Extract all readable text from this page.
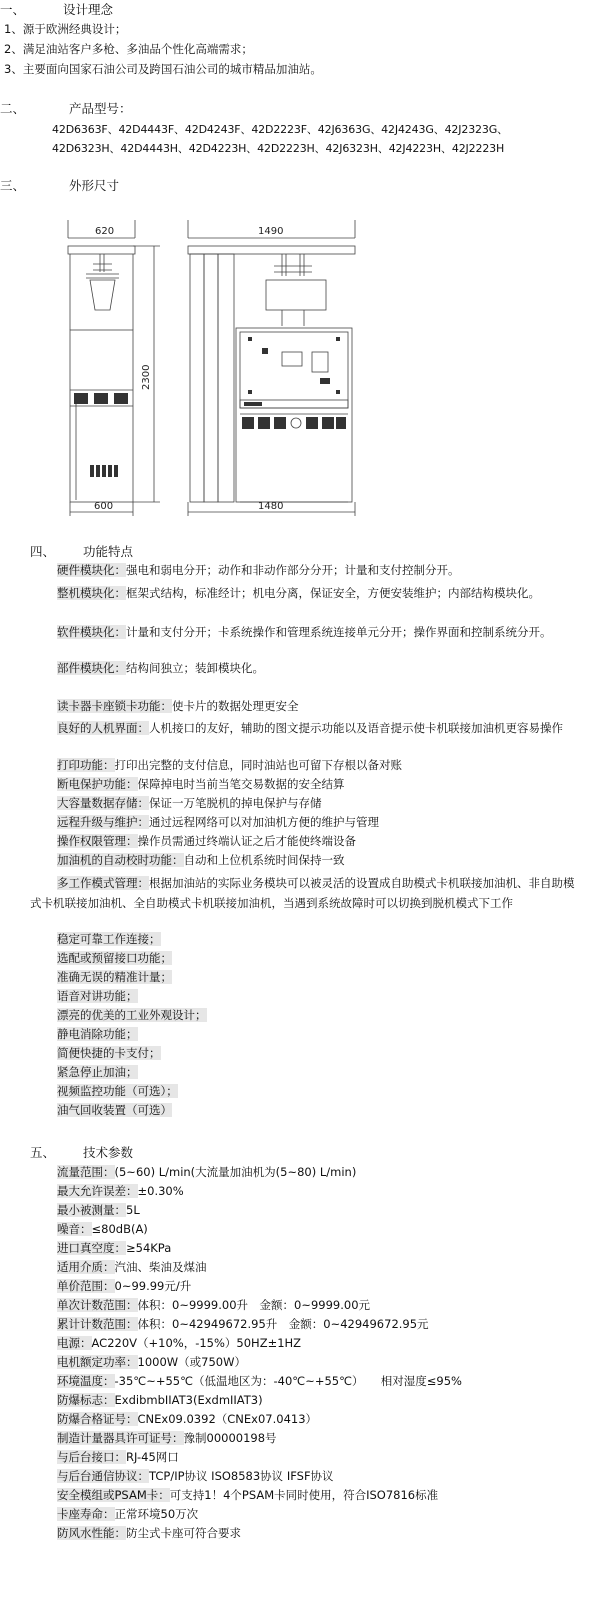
一、	设计理念
1、源于欧洲经典设计；
2、满足油站客户多枪、多油品个性化高端需求；
3、主要面向国家石油公司及跨国石油公司的城市精品加油站。
二、	产品型号：
42D6363F、42D4443F、42D4243F、42D2223F、42J6363G、42J4243G、42J2323G、
42D6323H、42D4443H、42D4223H、42D2223H、42J6323H、42J4223H、42J2223H
三、	外形尺寸
620	1490
2300
600	1480
四、 功能特点
硬件模块化：强电和弱电分开；动作和非动作部分分开；计量和支付控制分开。
整机模块化：框架式结构，标准经计；机电分离，保证安全，方便安装维护；内部结构模块化。
软件模块化：计量和支付分开；卡系统操作和管理系统连接单元分开；操作界面和控制系统分开。
部件模块化：结构间独立；装卸模块化。
读卡器卡座锁卡功能：使卡片的数据处理更安全
良好的人机界面：人机接口的友好，辅助的图文提示功能以及语音提示使卡机联接加油机更容易操作
打印功能：打印出完整的支付信息，同时油站也可留下存根以备对账
断电保护功能：保障掉电时当前当笔交易数据的安全结算
大容量数据存储：保证一万笔脱机的掉电保护与存储
远程升级与维护：通过远程网络可以对加油机方便的维护与管理
操作权限管理：操作员需通过终端认证之后才能使终端设备
加油机的自动校时功能：自动和上位机系统时间保持一致
多工作模式管理：根据加油站的实际业务模块可以被灵活的设置成自助模式卡机联接加油机、非自助模式卡机联接加油机、全自助模式卡机联接加油机，当遇到系统故障时可以切换到脱机模式下工作
稳定可靠工作连接；
选配或预留接口功能；
准确无误的精准计量；
语音对讲功能；
漂亮的优美的工业外观设计；
静电消除功能；
简便快捷的卡支付；
紧急停止加油；
视频监控功能（可选）；
油气回收装置（可选）
五、 技术参数
流量范围：(5~60) L/min(大流量加油机为(5~80) L/min)
最大允许误差：±0.30%
最小被测量：5L
噪音：≤80dB(A)
进口真空度：≥54KPa
适用介质：汽油、柴油及煤油
单价范围：0~99.99元/升
单次计数范围：体积：0~9999.00升　金额：0~9999.00元
累计计数范围：体积：0~42949672.95升　金额：0~42949672.95元
电源：AC220V（+10%，-15%）50HZ±1HZ
电机额定功率：1000W（或750W）
环境温度：-35℃~+55℃（低温地区为：-40℃~+55℃）　　相对湿度≤95%
防爆标志：ExdibmbIIAT3(ExdmIIAT3)
防爆合格证号：CNEx09.0392（CNEx07.0413）
制造计量器具许可证号：豫制00000198号
与后台接口：RJ-45网口
与后台通信协议：TCP/IP协议 ISO8583协议 IFSF协议
安全模组或PSAM卡：可支持1！4个PSAM卡同时使用，符合ISO7816标准
卡座寿命：正常环境50万次
防风水性能：防尘式卡座可符合要求
